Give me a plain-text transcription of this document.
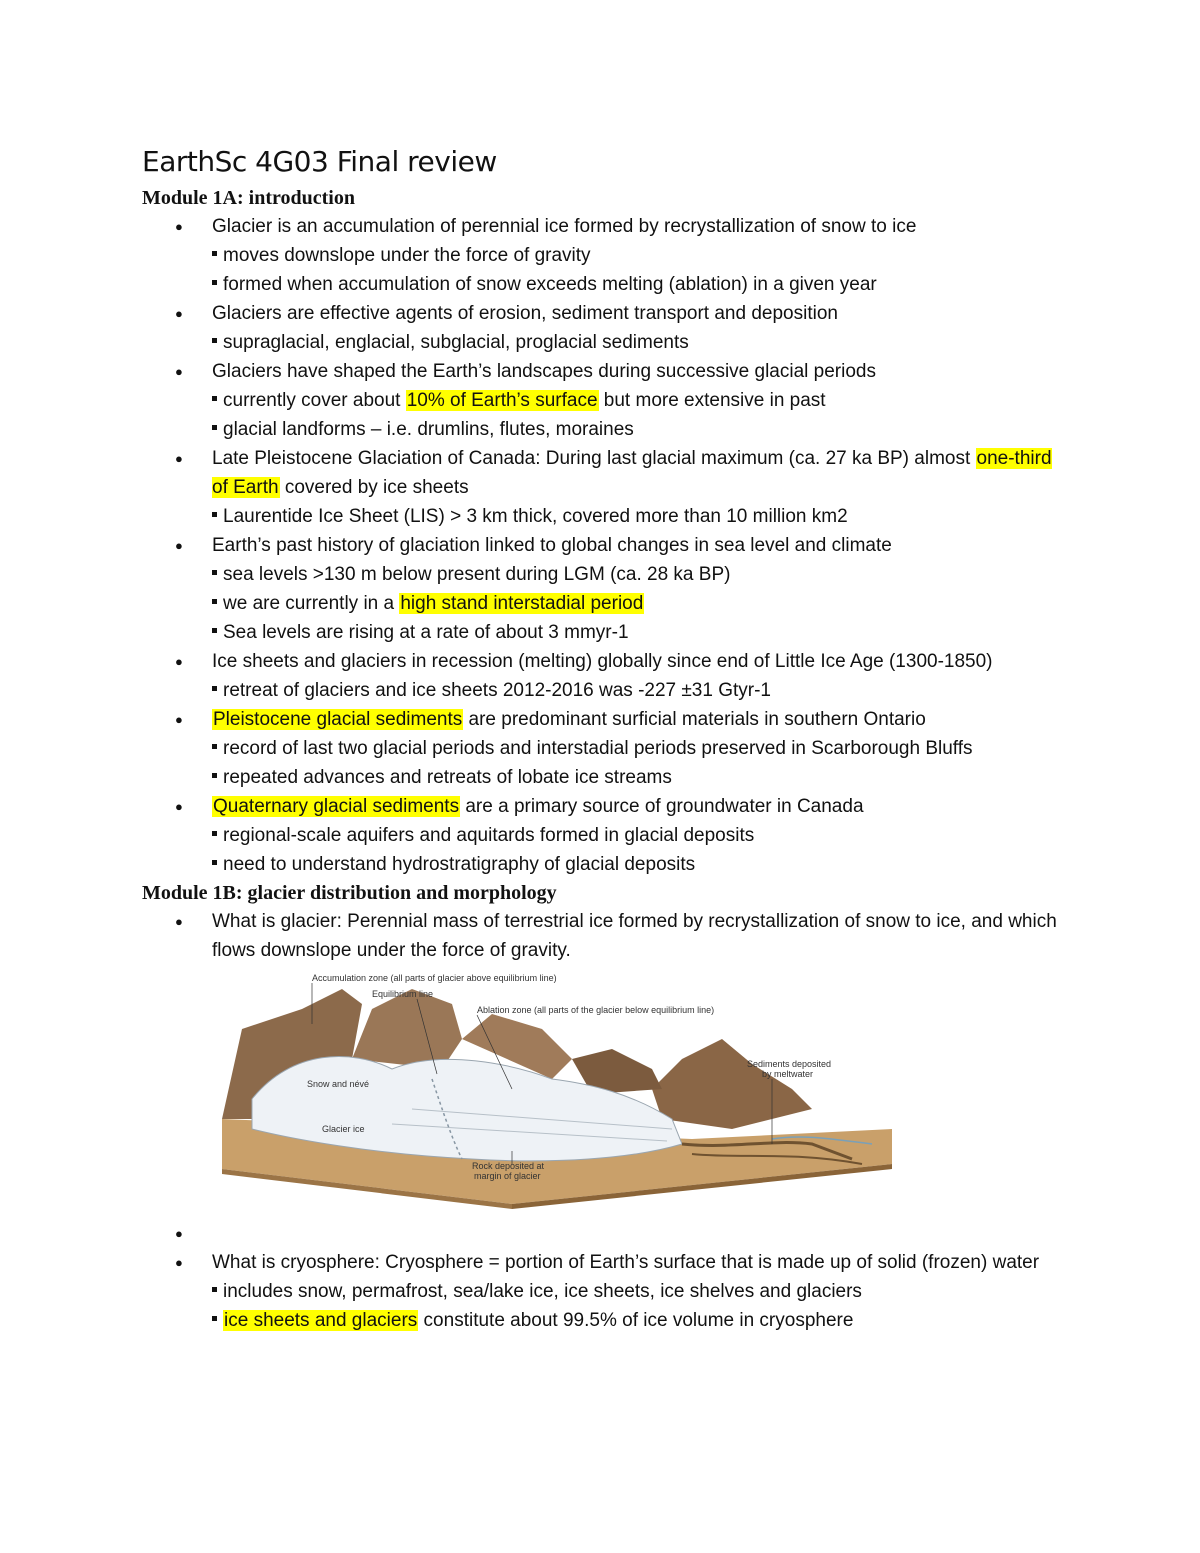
EarthSc 4G03 Final review
Module 1A: introduction
● Glacier is an accumulation of perennial ice formed by recrystallization of snow to ice
moves downslope under the force of gravity
formed when accumulation of snow exceeds melting (ablation) in a given year
● Glaciers are effective agents of erosion, sediment transport and deposition
supraglacial, englacial, subglacial, proglacial sediments
● Glaciers have shaped the Earth’s landscapes during successive glacial periods
currently cover about 10% of Earth’s surface but more extensive in past
glacial landforms – i.e. drumlins, flutes, moraines
● Late Pleistocene Glaciation of Canada: During last glacial maximum (ca. 27 ka BP) almost one-third of Earth covered by ice sheets
Laurentide Ice Sheet (LIS) > 3 km thick, covered more than 10 million km2
● Earth’s past history of glaciation linked to global changes in sea level and climate
sea levels >130 m below present during LGM (ca. 28 ka BP)
we are currently in a high stand interstadial period
Sea levels are rising at a rate of about 3 mmyr-1
● Ice sheets and glaciers in recession (melting) globally since end of Little Ice Age (1300-1850)
retreat of glaciers and ice sheets 2012-2016 was -227 ±31 Gtyr-1
● Pleistocene glacial sediments are predominant surficial materials in southern Ontario
record of last two glacial periods and interstadial periods preserved in Scarborough Bluffs
repeated advances and retreats of lobate ice streams
● Quaternary glacial sediments are a primary source of groundwater in Canada
regional-scale aquifers and aquitards formed in glacial deposits
need to understand hydrostratigraphy of glacial deposits
Module 1B: glacier distribution and morphology
● What is glacier: Perennial mass of terrestrial ice formed by recrystallization of snow to ice, and which flows downslope under the force of gravity.
Accumulation zone (all parts of glacier above equilibrium line)
Equilibrium line
Ablation zone (all parts of the glacier below equilibrium line)
Sediments deposited
by meltwater
Snow and névé
Glacier ice
Rock deposited at
margin of glacier
●
● What is cryosphere: Cryosphere = portion of Earth’s surface that is made up of solid (frozen) water
includes snow, permafrost, sea/lake ice, ice sheets, ice shelves and glaciers
ice sheets and glaciers constitute about 99.5% of ice volume in cryosphere
